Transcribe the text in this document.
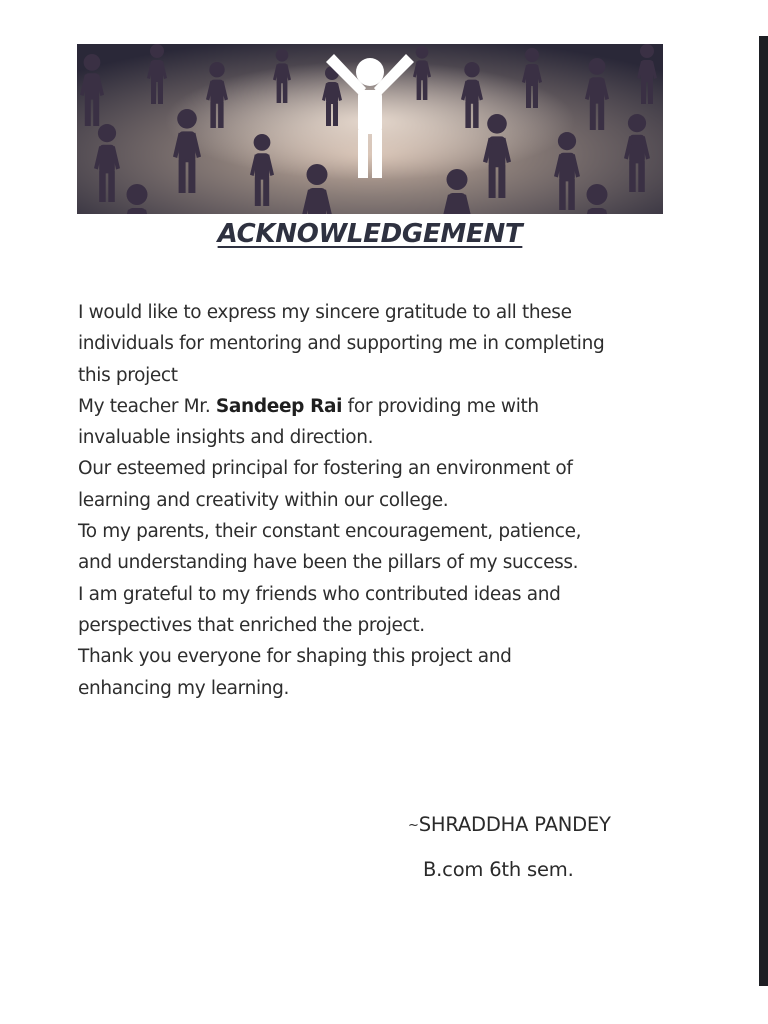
ACKNOWLEDGEMENT
I would like to express my sincere gratitude to all these
individuals for mentoring and supporting me in completing
this project
My teacher Mr. Sandeep Rai for providing me with
invaluable insights and direction.
Our esteemed principal for fostering an environment of
learning and creativity within our college.
To my parents, their constant encouragement, patience,
and understanding have been the pillars of my success.
I am grateful to my friends who contributed ideas and
perspectives that enriched the project.
Thank you everyone for shaping this project and
enhancing my learning.
~SHRADDHA PANDEY
B.com 6th sem.
